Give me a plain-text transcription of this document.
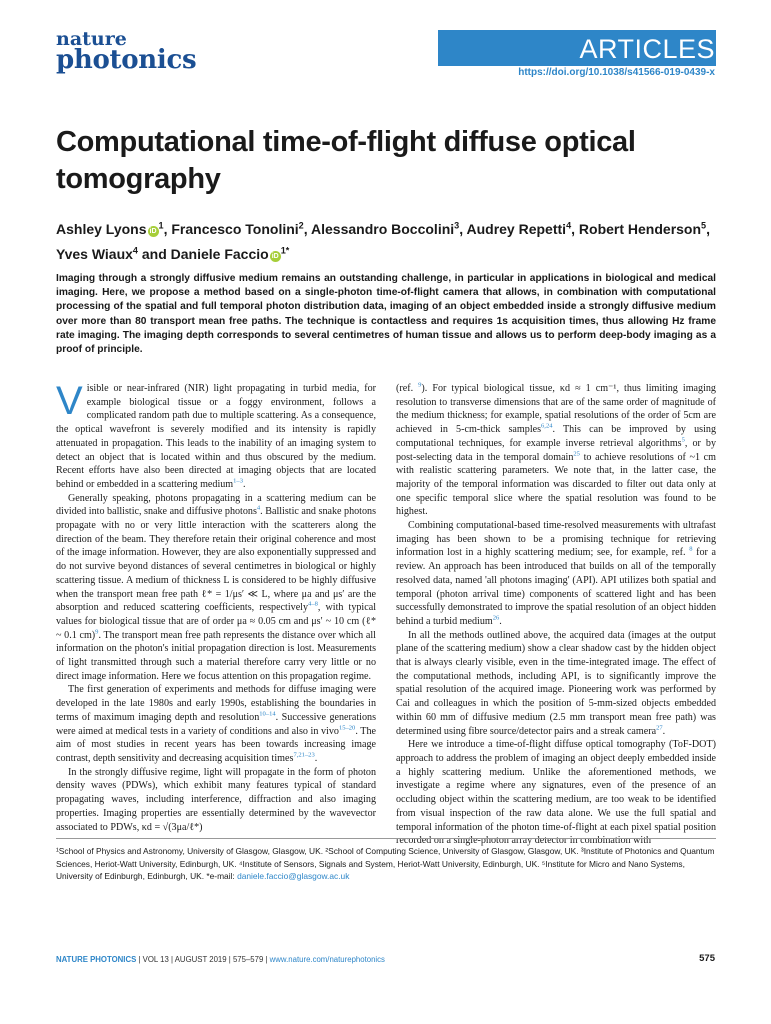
nature
photonics	ARTICLES
https://doi.org/10.1038/s41566-019-0439-x
Computational time-of-flight diffuse optical tomography
Ashley Lyons $iD^1$, Francesco Tonolini$^2$, Alessandro Boccolini$^3$, Audrey Repetti$^4$, Robert Henderson$^5$,
Yves Wiaux$^4$ and Daniele Faccio $iD^{1*}$
Imaging through a strongly diffusive medium remains an outstanding challenge, in particular in applications in biological and medical imaging. Here, we propose a method based on a single-photon time-of-flight camera that allows, in combination with computational processing of the spatial and full temporal photon distribution data, imaging of an object embedded inside a strongly diffusive medium over more than 80 transport mean free paths. The technique is contactless and requires 1s acquisition times, thus allowing Hz frame rate imaging. The imaging depth corresponds to several centimetres of human tissue and allows us to perform deep-body imaging as a proof of principle.

Visible or near-infrared (NIR) light propagating in turbid media, for example biological tissue or a foggy environment, follows a complicated random path due to multiple scattering. As a consequence, the optical wavefront is severely modified and its intensity is rapidly attenuated in propagation. This leads to the inability of an imaging system to detect an object that is located within and thus obscured by the medium. Recent efforts have also been directed at imaging objects that are located behind or embedded in a scattering medium$^{1-3}$.

Generally speaking, photons propagating in a scattering medium can be divided into ballistic, snake and diffusive photons$^4$. Ballistic and snake photons propagate with no or very little interaction with the scatterers along the direction of the beam. They therefore retain their original coherence and most of the image information. However, they are also exponentially suppressed and do not survive beyond distances of several centimetres in biological or highly scattering tissue. A medium of thickness L is considered to be highly diffusive when the transport mean free path ℓ* = 1/μs′ ≪ L, where μa and μs′ are the absorption and reduced scattering coefficients, respectively$^{4-8}$, with typical values for biological tissue that are of order μa ≈ 0.05 cm and μs′ ~ 10 cm (ℓ* ~ 0.1 cm)$^9$. The transport mean free path represents the distance over which all information on the photon's initial propagation direction is lost. Measurements of light transmitted through such a material therefore carry very little or no direct image information. Here we focus attention on this propagation regime.

The first generation of experiments and methods for diffuse imaging were developed in the late 1980s and early 1990s, establishing the boundaries in terms of maximum imaging depth and resolution$^{10-14}$. Successive generations were aimed at medical tests in a variety of conditions and also in vivo$^{15-20}$. The aim of most studies in recent years has been towards increasing image contrast, depth sensitivity and decreasing acquisition times$^{7,21-23}$.

In the strongly diffusive regime, light will propagate in the form of photon density waves (PDWs), which exhibit many features typical of standard propagating waves, including interference, diffraction and also imaging properties. Imaging properties are essentially determined by the wavevector associated to PDWs, κd = √(3μa/ℓ*)

(ref. $^9$). For typical biological tissue, κd ≈ 1 cm⁻¹, thus limiting imaging resolution to transverse dimensions that are of the same order of magnitude of the medium thickness; for example, spatial resolutions of the order of 5cm are achieved in 5-cm-thick samples$^{6,24}$. This can be improved by using computational techniques, for example inverse retrieval algorithms$^5$, or by post-selecting data in the temporal domain$^{25}$ to achieve resolutions of ~1 cm with realistic scattering parameters. We note that, in the latter case, the majority of the temporal information was discarded to filter out data only at one specific temporal slice where the spatial resolution was found to be highest.

Combining computational-based time-resolved measurements with ultrafast imaging has been shown to be a promising technique for retrieving information lost in a highly scattering medium; see, for example, ref. $^8$ for a review. An approach has been introduced that builds on all of the temporally resolved data, named 'all photons imaging' (API). API utilizes both spatial and temporal (photon arrival time) components of scattered light and has been successfully demonstrated to improve the spatial resolution of an object hidden behind a turbid medium$^{26}$.

In all the methods outlined above, the acquired data (images at the output plane of the scattering medium) show a clear shadow cast by the hidden object that is always clearly visible, even in the time-integrated image. The effect of the computational methods, including API, is to significantly improve the spatial resolution of the acquired image. Pioneering work was performed by Cai and colleagues in which the position of 5-mm-sized objects embedded within 60 mm of diffusive medium (2.5 mm transport mean free path) was determined using fibre source/detector pairs and a streak camera$^{27}$.

Here we introduce a time-of-flight diffuse optical tomography (ToF-DOT) approach to address the problem of imaging an object deeply embedded inside a highly scattering medium. Unlike the aforementioned methods, we investigate a regime where any signatures, even of the presence of an occluding object within the scattering medium, are too weak to be identified from visual inspection of the raw data alone. We use the full spatial and temporal information of the photon time-of-flight at each pixel spatial position recorded on a single-photon array detector in combination with

¹School of Physics and Astronomy, University of Glasgow, Glasgow, UK. ²School of Computing Science, University of Glasgow, Glasgow, UK. ³Institute of Photonics and Quantum Sciences, Heriot-Watt University, Edinburgh, UK. ⁴Institute of Sensors, Signals and System, Heriot-Watt University, Edinburgh, UK. ⁵Institute for Micro and Nano Systems, University of Edinburgh, Edinburgh, UK. *e-mail: daniele.faccio@glasgow.ac.uk
NATURE PHOTONICS | VOL 13 | AUGUST 2019 | 575–579 | www.nature.com/naturephotonics	575
